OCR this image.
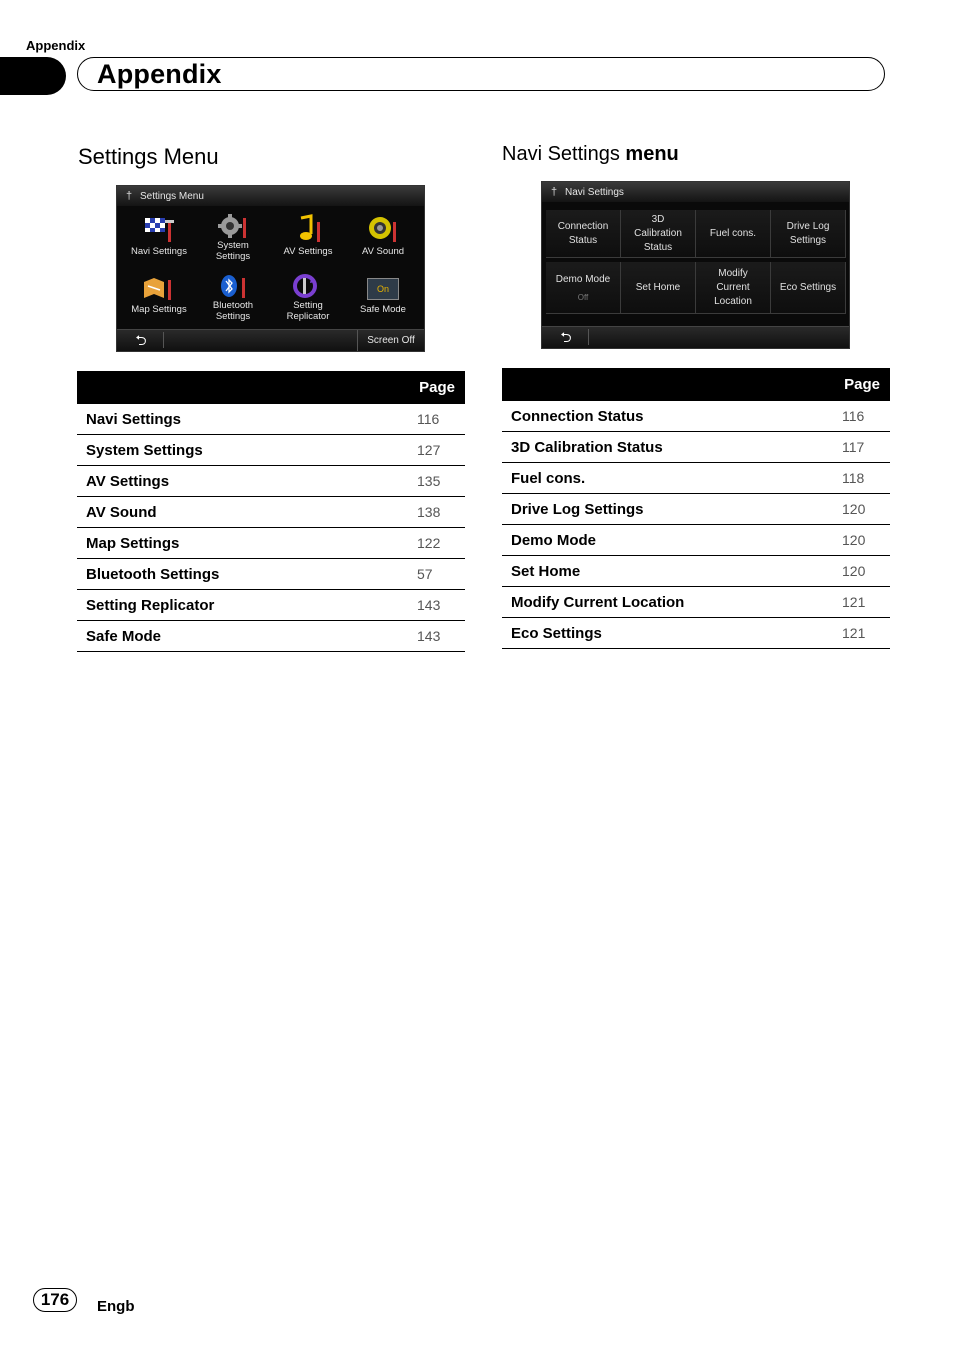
Appendix
Appendix
Settings Menu
† Settings Menu
Navi Settings
System Settings	AV Settings	AV Sound
Map Settings	Bluetooth Settings
Setting Replicator
On
Safe Mode
⮌	Screen Off
Page	
Navi Settings	116
System Settings	127
AV Settings	135
AV Sound	138
Map Settings	122
Bluetooth Settings	57
Setting Replicator	143
Safe Mode	143
Navi Settings menu
† Navi Settings
Connection Status
3D Calibration Status
Fuel cons.
Drive Log Settings
Demo Mode
Off
Set Home
Modify Current Location
Eco Settings
⮌
Page	
Connection Status	116
3D Calibration Status	117
Fuel cons.	118
Drive Log Settings	120
Demo Mode	120
Set Home	120
Modify Current Location	121
Eco Settings	121
176	Engb
